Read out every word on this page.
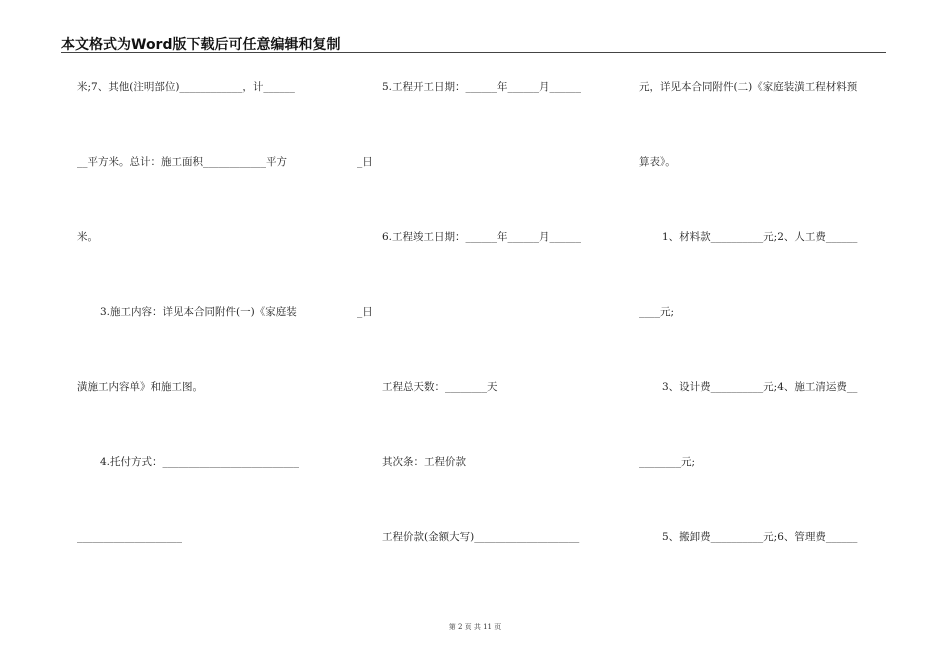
本文格式为Word版下载后可任意编辑和复制
米;7、其他(注明部位)____________，计______
__平方米。总计：施工面积____________平方
米。
3.施工内容：详见本合同附件(一)《家庭装
潢施工内容单》和施工图。
4.托付方式：__________________________
____________________
5.工程开工日期：______年______月______
_日
6.工程竣工日期：______年______月______
_日
工程总天数：________天
其次条：工程价款
工程价款(金额大写)____________________
元，详见本合同附件(二)《家庭装潢工程材料预
算表》。
1、材料款__________元;2、人工费______
____元;
3、设计费__________元;4、施工清运费__
________元;
5、搬卸费__________元;6、管理费______
第 2 页 共 11 页
